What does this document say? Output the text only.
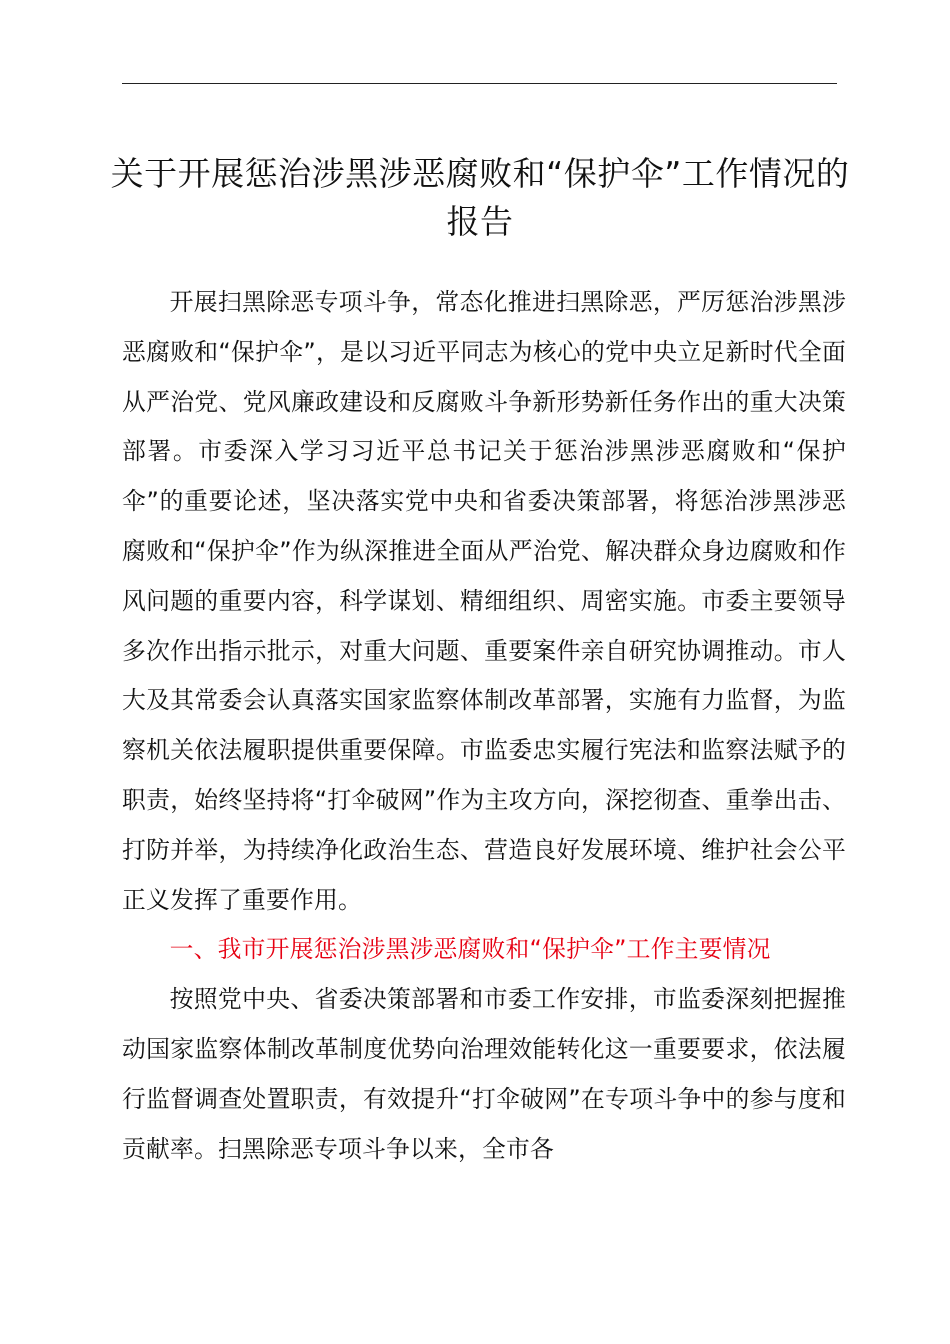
关于开展惩治涉黑涉恶腐败和“保护伞”工作情况的报告

开展扫黑除恶专项斗争，常态化推进扫黑除恶，严厉惩治涉黑涉恶腐败和“保护伞”，是以习近平同志为核心的党中央立足新时代全面从严治党、党风廉政建设和反腐败斗争新形势新任务作出的重大决策部署。市委深入学习习近平总书记关于惩治涉黑涉恶腐败和“保护伞”的重要论述，坚决落实党中央和省委决策部署，将惩治涉黑涉恶腐败和“保护伞”作为纵深推进全面从严治党、解决群众身边腐败和作风问题的重要内容，科学谋划、精细组织、周密实施。市委主要领导多次作出指示批示，对重大问题、重要案件亲自研究协调推动。市人大及其常委会认真落实国家监察体制改革部署，实施有力监督，为监察机关依法履职提供重要保障。市监委忠实履行宪法和监察法赋予的职责，始终坚持将“打伞破网”作为主攻方向，深挖彻查、重拳出击、打防并举，为持续净化政治生态、营造良好发展环境、维护社会公平正义发挥了重要作用。

一、我市开展惩治涉黑涉恶腐败和“保护伞”工作主要情况

按照党中央、省委决策部署和市委工作安排，市监委深刻把握推动国家监察体制改革制度优势向治理效能转化这一重要要求，依法履行监督调查处置职责，有效提升“打伞破网”在专项斗争中的参与度和贡献率。扫黑除恶专项斗争以来，全市各
